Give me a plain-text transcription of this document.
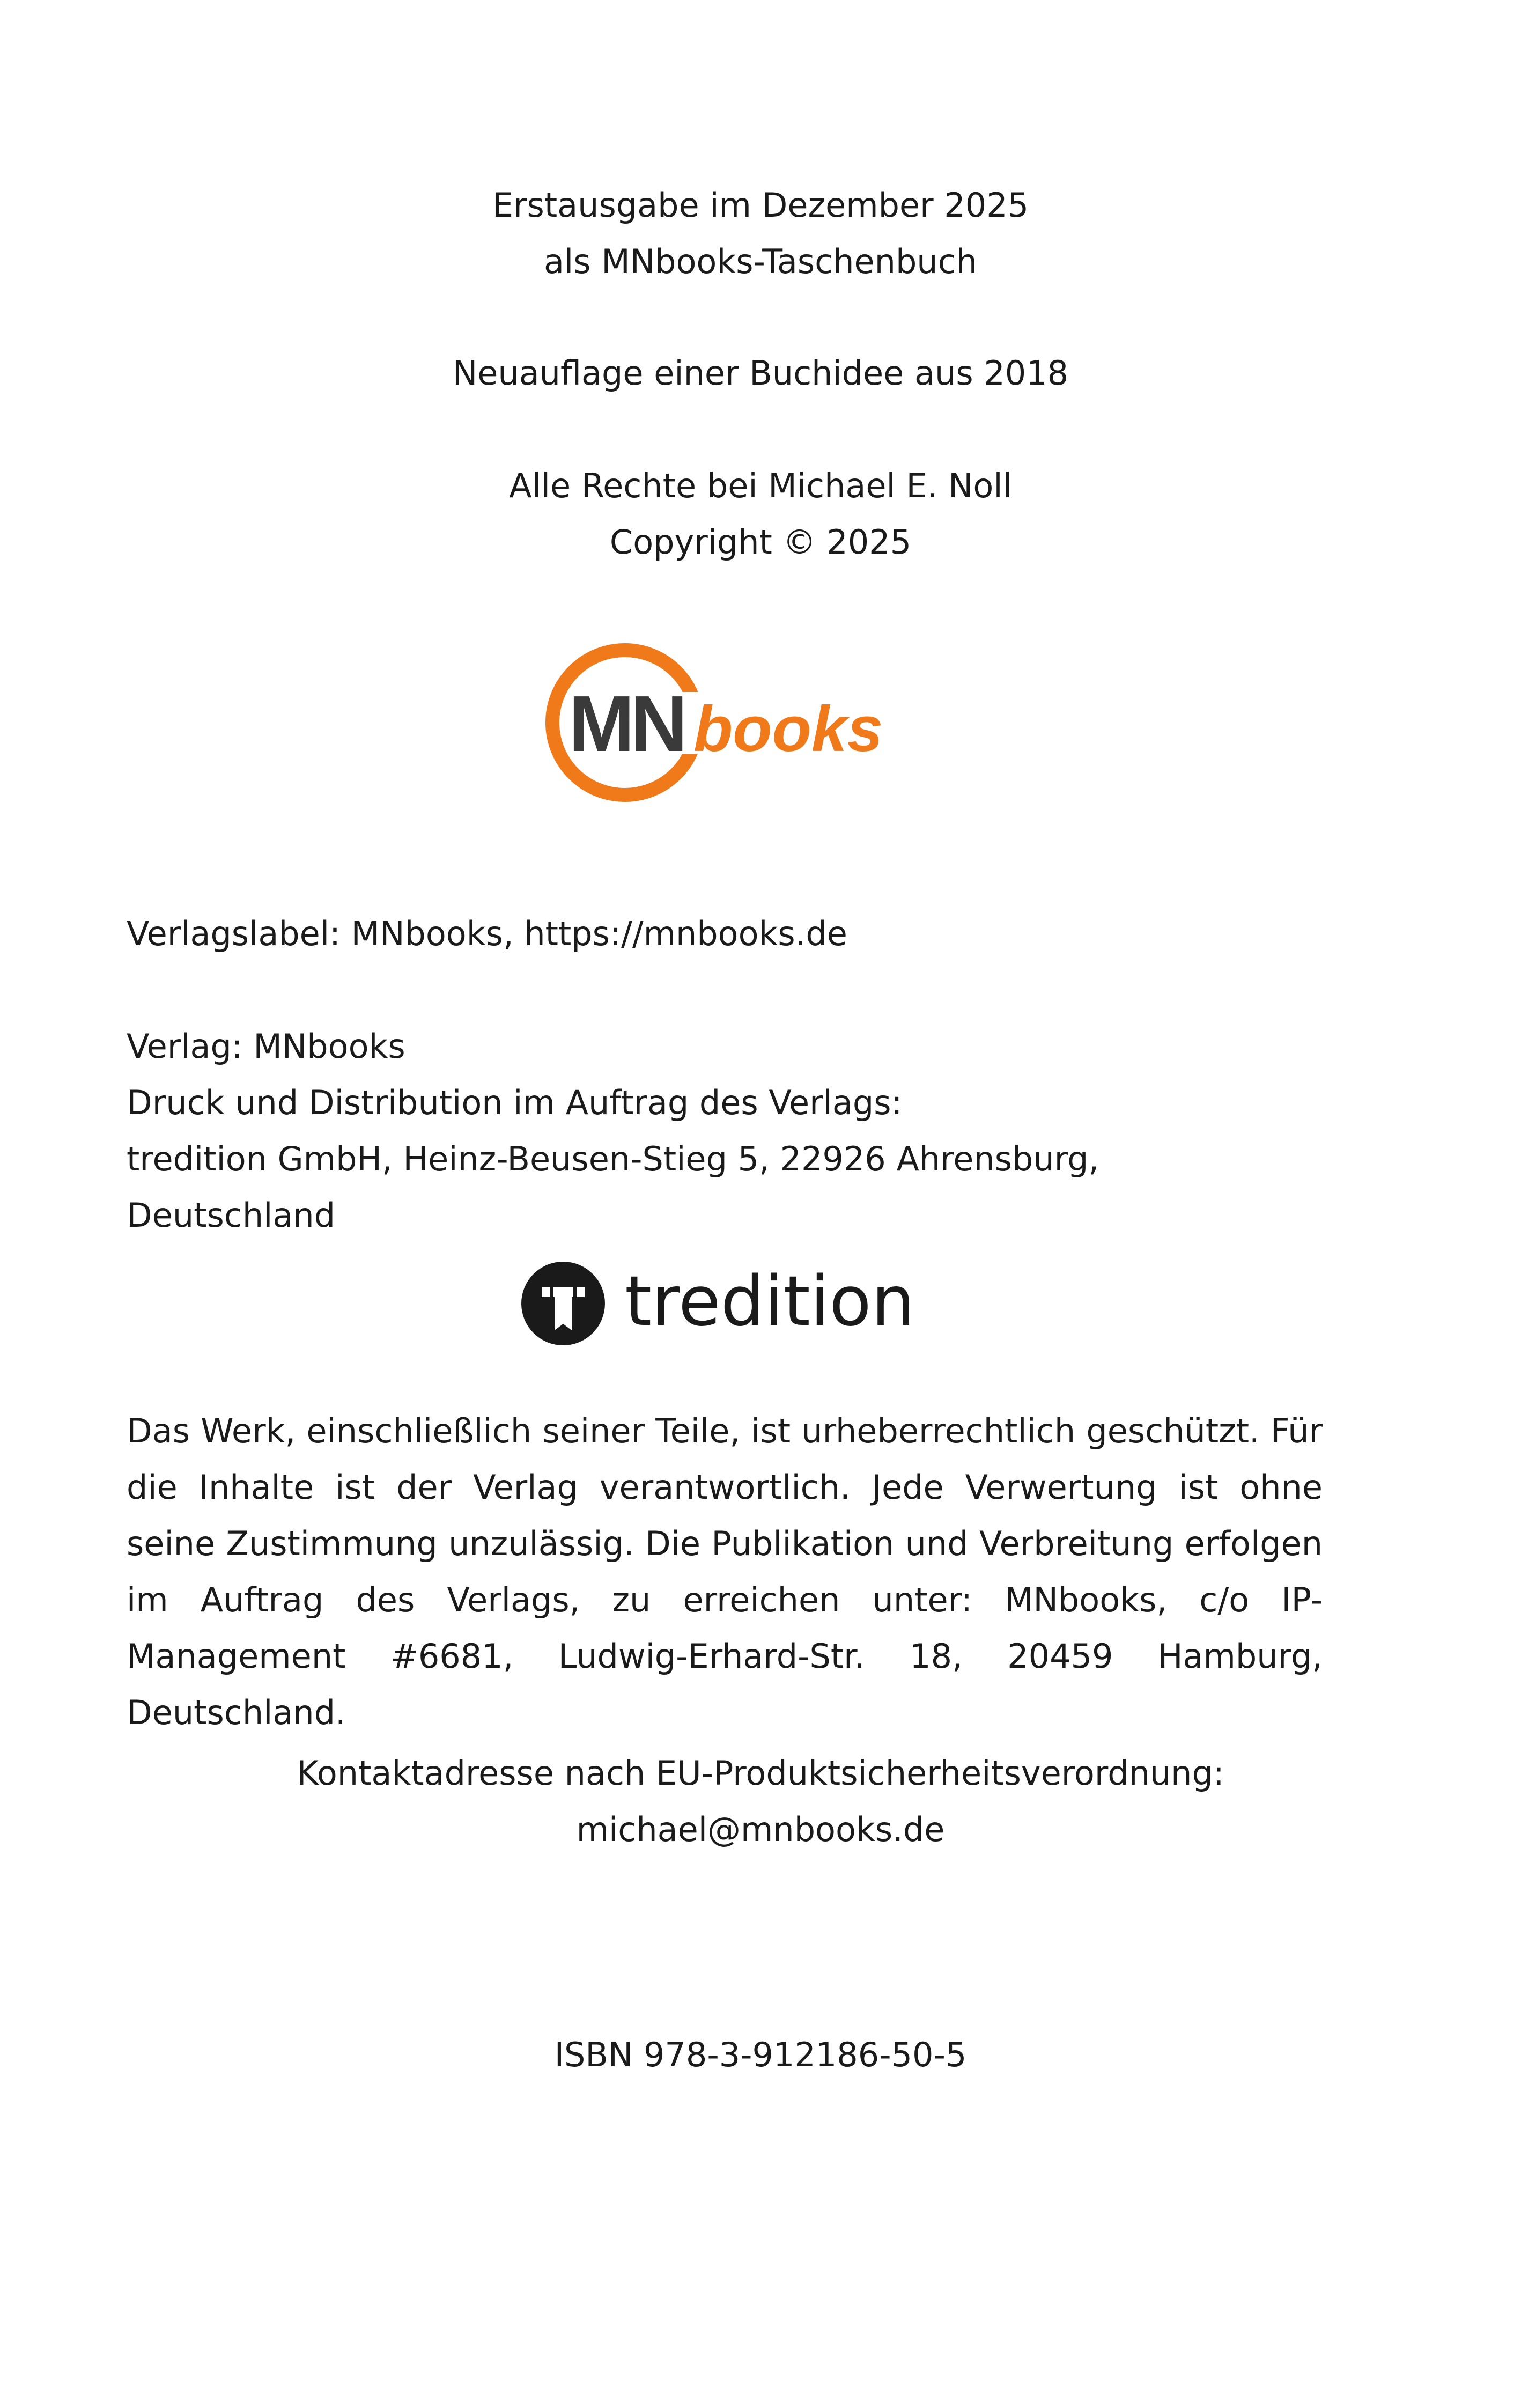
Erstausgabe im Dezember 2025
als MNbooks-Taschenbuch
Neuauflage einer Buchidee aus 2018
Alle Rechte bei Michael E. Noll
Copyright © 2025
MN books
Verlagslabel: MNbooks, https://mnbooks.de
Verlag: MNbooks
Druck und Distribution im Auftrag des Verlags:
tredition GmbH, Heinz-Beusen-Stieg 5, 22926 Ahrensburg,
Deutschland
tredition
Das Werk, einschließlich seiner Teile, ist urheberrechtlich geschützt. Für die Inhalte ist der Verlag verantwortlich. Jede Verwertung ist ohne seine Zustimmung unzulässig. Die Publikation und Verbreitung erfolgen im Auftrag des Verlags, zu erreichen unter: MNbooks, c/o IP-Management #6681, Ludwig-Erhard-Str. 18, 20459 Hamburg, Deutschland.
Kontaktadresse nach EU-Produktsicherheitsverordnung:
michael@mnbooks.de
ISBN 978-3-912186-50-5
